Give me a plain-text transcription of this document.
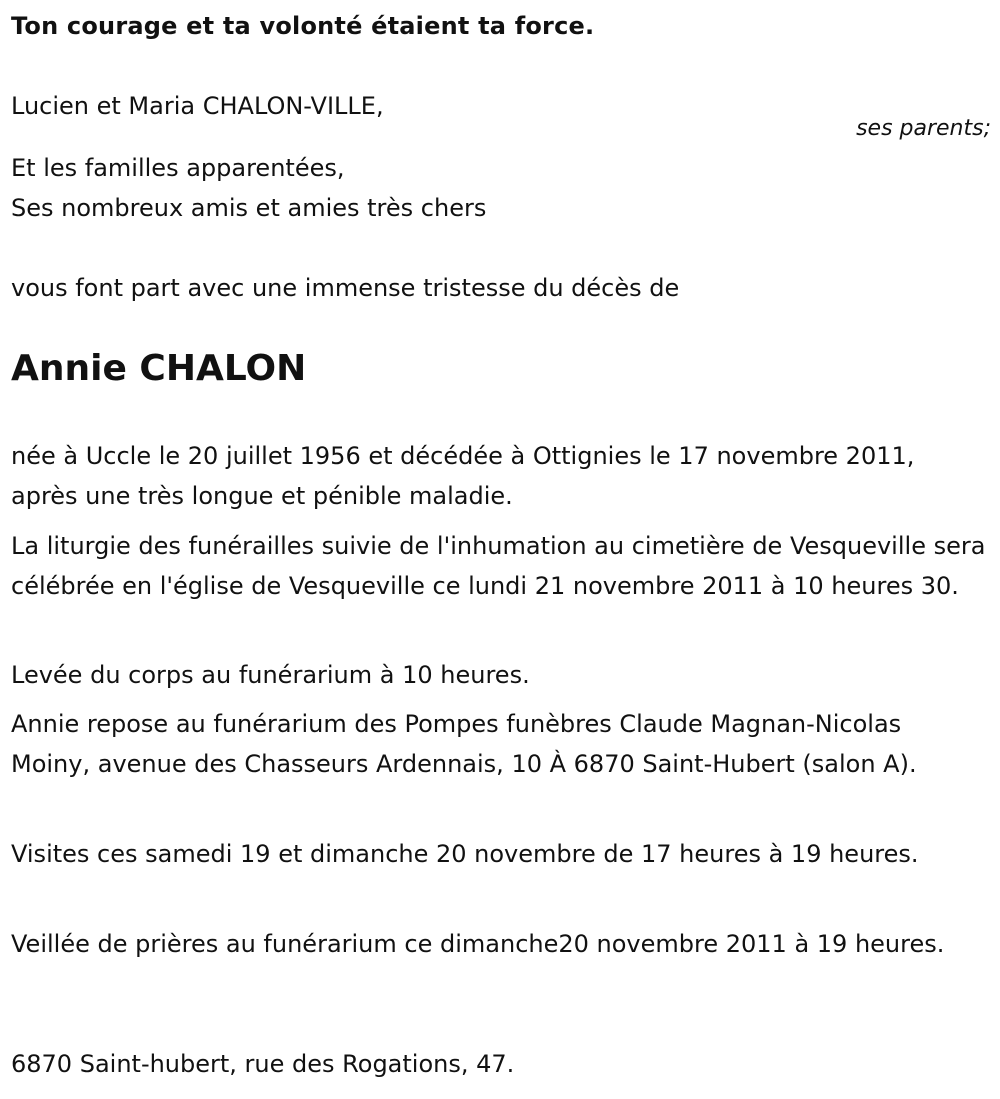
Ton courage et ta volonté étaient ta force.
Lucien et Maria CHALON-VILLE,
ses parents;
Et les familles apparentées,
Ses nombreux amis et amies très chers
vous font part avec une immense tristesse du décès de
Annie CHALON

née à Uccle le 20 juillet 1956 et décédée à Ottignies le 17 novembre 2011, après une très longue et pénible maladie.

La liturgie des funérailles suivie de l'inhumation au cimetière de Vesqueville sera célébrée en l'église de Vesqueville ce lundi 21 novembre 2011 à 10 heures 30.

Levée du corps au funérarium à 10 heures.

Annie repose au funérarium des Pompes funèbres Claude Magnan-Nicolas Moiny, avenue des Chasseurs Ardennais, 10 À 6870 Saint-Hubert (salon A).

Visites ces samedi 19 et dimanche 20 novembre de 17 heures à 19 heures.

Veillée de prières au funérarium ce dimanche20 novembre 2011 à 19 heures.

6870 Saint-hubert, rue des Rogations, 47.
